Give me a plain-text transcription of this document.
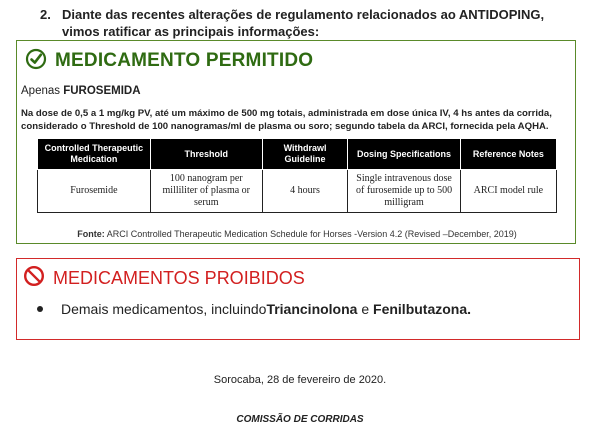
2. Diante das recentes alterações de regulamento relacionados ao ANTIDOPING, vimos ratificar as principais informações:
MEDICAMENTO PERMITIDO
Apenas FUROSEMIDA
Na dose de 0,5 a 1 mg/kg PV, até um máximo de 500 mg totais, administrada em dose única IV, 4 hs antes da corrida, considerado o Threshold de 100 nanogramas/ml de plasma ou soro; segundo tabela da ARCI, fornecida pela AQHA.
Controlled Therapeutic Medication	Threshold	Withdrawl Guideline	Dosing Specifications	Reference Notes
Furosemide	100 nanogram per milliliter of plasma or serum	4 hours	Single intravenous dose of furosemide up to 500 milligram	ARCI model rule
Fonte: ARCI Controlled Therapeutic Medication Schedule for Horses -Version 4.2 (Revised –December, 2019)
MEDICAMENTOS PROIBIDOS
Demais medicamentos, incluindo Triancinolona e Fenilbutazona.
Sorocaba, 28 de fevereiro de 2020.
COMISSÃO DE CORRIDAS
